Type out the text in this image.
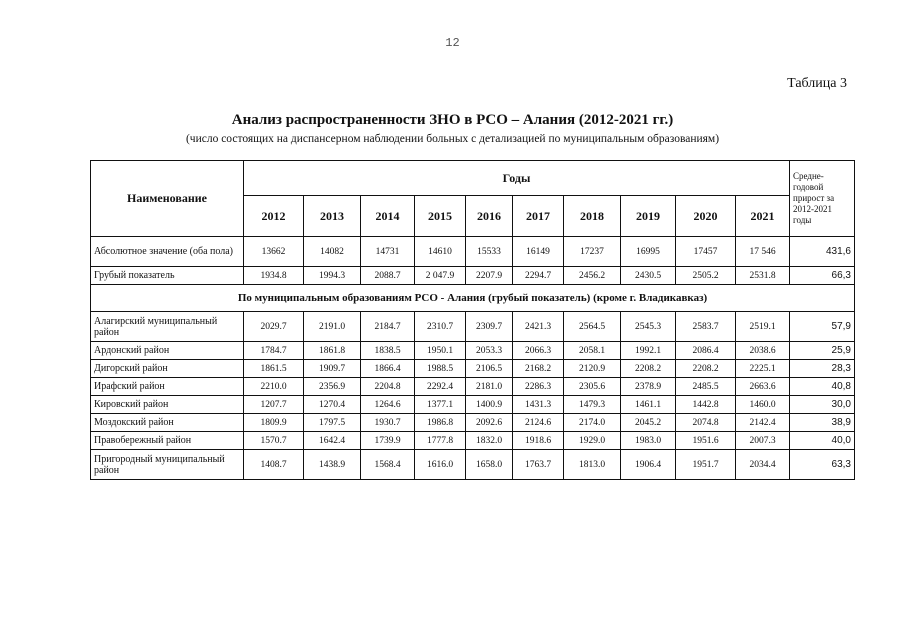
12
Таблица 3
Анализ распространенности ЗНО в РСО – Алания (2012-2021 гг.)
(число состоящих на диспансерном наблюдении больных с детализацией по муниципальным образованиям)
Наименование	Годы										Средне-годовой прирост за 2012-2021 годы
	2012	2013	2014	2015	2016	2017	2018	2019	2020	2021	
Абсолютное значение (оба пола)	13662	14082	14731	14610	15533	16149	17237	16995	17457	17 546	431,6
Грубый показатель	1934.8	1994.3	2088.7	2 047.9	2207.9	2294.7	2456.2	2430.5	2505.2	2531.8	66,3
По муниципальным образованиям РСО - Алания (грубый показатель) (кроме г. Владикавказ)											
Алагирский муниципальный район	2029.7	2191.0	2184.7	2310.7	2309.7	2421.3	2564.5	2545.3	2583.7	2519.1	57,9
Ардонский район	1784.7	1861.8	1838.5	1950.1	2053.3	2066.3	2058.1	1992.1	2086.4	2038.6	25,9
Дигорский район	1861.5	1909.7	1866.4	1988.5	2106.5	2168.2	2120.9	2208.2	2208.2	2225.1	28,3
Ирафский район	2210.0	2356.9	2204.8	2292.4	2181.0	2286.3	2305.6	2378.9	2485.5	2663.6	40,8
Кировский район	1207.7	1270.4	1264.6	1377.1	1400.9	1431.3	1479.3	1461.1	1442.8	1460.0	30,0
Моздокский район	1809.9	1797.5	1930.7	1986.8	2092.6	2124.6	2174.0	2045.2	2074.8	2142.4	38,9
Правобережный район	1570.7	1642.4	1739.9	1777.8	1832.0	1918.6	1929.0	1983.0	1951.6	2007.3	40,0
Пригородный муниципальный район	1408.7	1438.9	1568.4	1616.0	1658.0	1763.7	1813.0	1906.4	1951.7	2034.4	63,3
